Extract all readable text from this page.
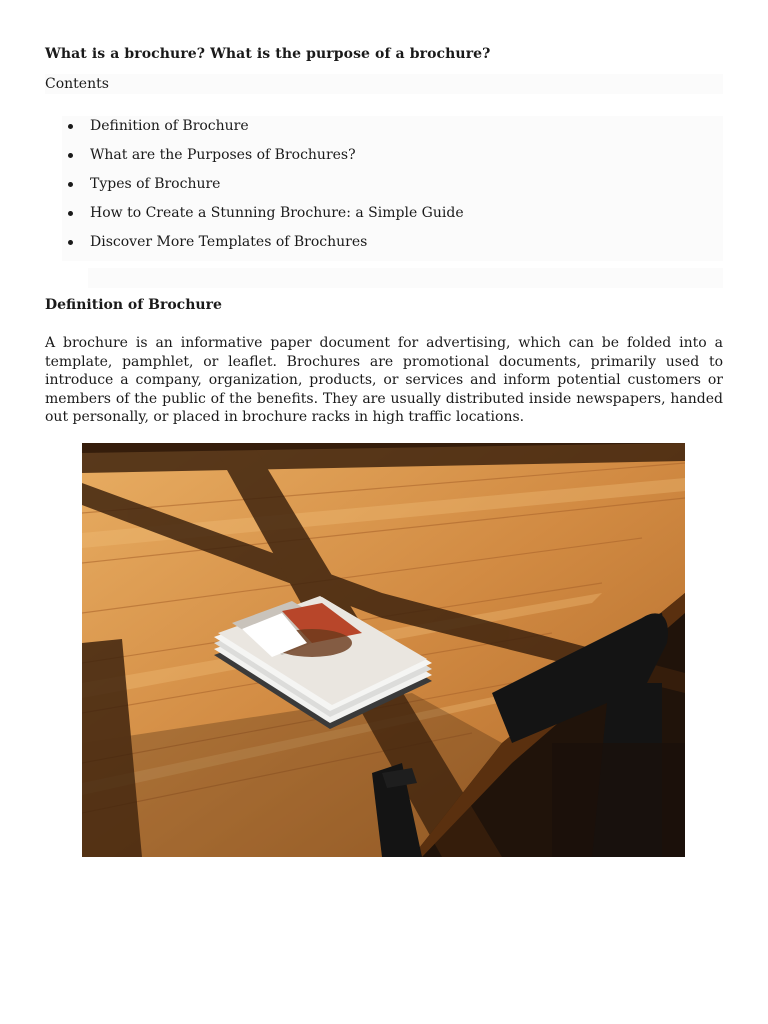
What is a brochure? What is the purpose of a brochure?

Contents

Definition of Brochure
What are the Purposes of Brochures?
Types of Brochure
How to Create a Stunning Brochure: a Simple Guide
Discover More Templates of Brochures
Definition of Brochure

A brochure is an informative paper document for advertising, which can be folded into a template, pamphlet, or leaflet. Brochures are promotional documents, primarily used to introduce a company, organization, products, or services and inform potential customers or members of the public of the benefits. They are usually distributed inside newspapers, handed out personally, or placed in brochure racks in high traffic locations.
